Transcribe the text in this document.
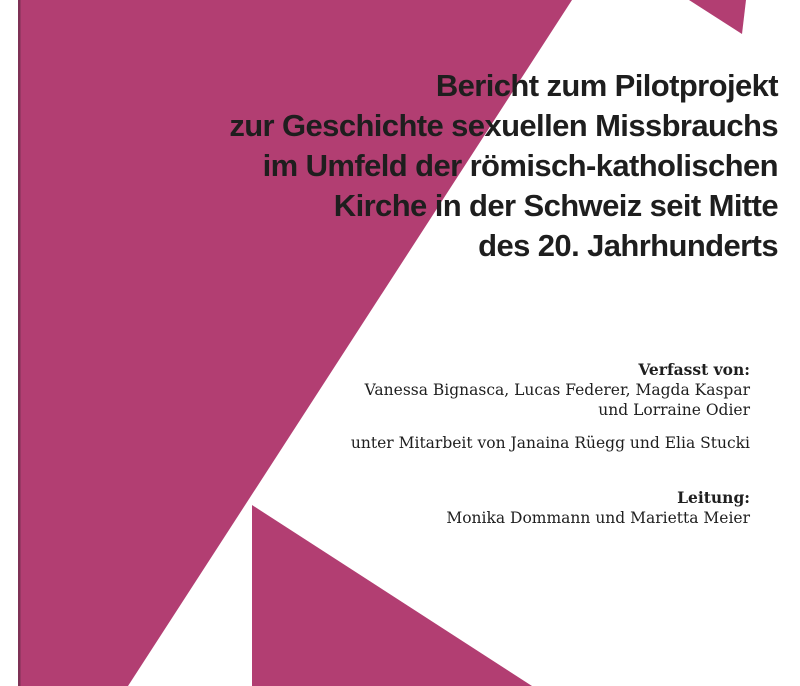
Bericht zum Pilotprojekt
zur Geschichte sexuellen Missbrauchs
im Umfeld der römisch-katholischen
Kirche in der Schweiz seit Mitte
des 20. Jahrhunderts
Verfasst von:
Vanessa Bignasca, Lucas Federer, Magda Kaspar
und Lorraine Odier
unter Mitarbeit von Janaina Rüegg und Elia Stucki
Leitung:
Monika Dommann und Marietta Meier
